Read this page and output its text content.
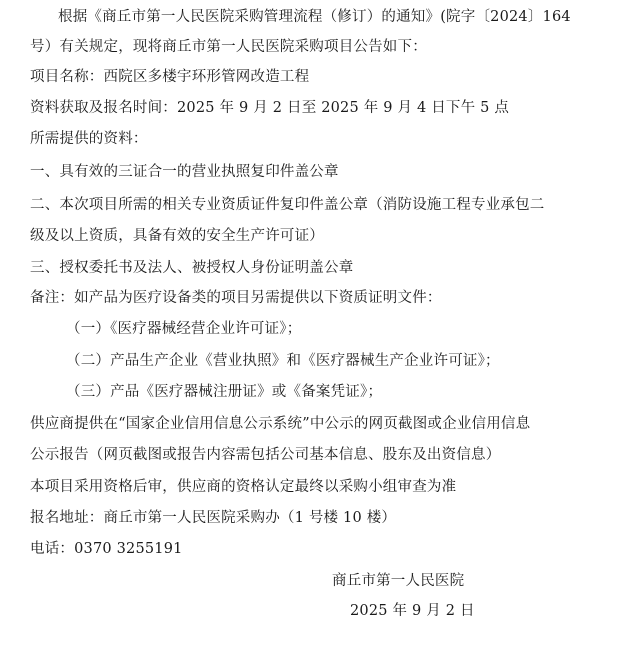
根据《商丘市第一人民医院采购管理流程（修订）的通知》(院字〔2024〕164
号）有关规定，现将商丘市第一人民医院采购项目公告如下：
项目名称：西院区多楼宇环形管网改造工程
资料获取及报名时间：2025 年 9 月 2 日至 2025 年 9 月 4 日下午 5 点
所需提供的资料：
一、具有效的三证合一的营业执照复印件盖公章
二、本次项目所需的相关专业资质证件复印件盖公章（消防设施工程专业承包二
级及以上资质，具备有效的安全生产许可证）
三、授权委托书及法人、被授权人身份证明盖公章
备注：如产品为医疗设备类的项目另需提供以下资质证明文件：
（一）《医疗器械经营企业许可证》；
（二）产品生产企业《营业执照》和《医疗器械生产企业许可证》；
（三）产品《医疗器械注册证》或《备案凭证》；
供应商提供在“国家企业信用信息公示系统”中公示的网页截图或企业信用信息
公示报告（网页截图或报告内容需包括公司基本信息、股东及出资信息）
本项目采用资格后审，供应商的资格认定最终以采购小组审查为准
报名地址：商丘市第一人民医院采购办（1 号楼 10 楼）
电话：0370 3255191
商丘市第一人民医院
2025 年 9 月 2 日
